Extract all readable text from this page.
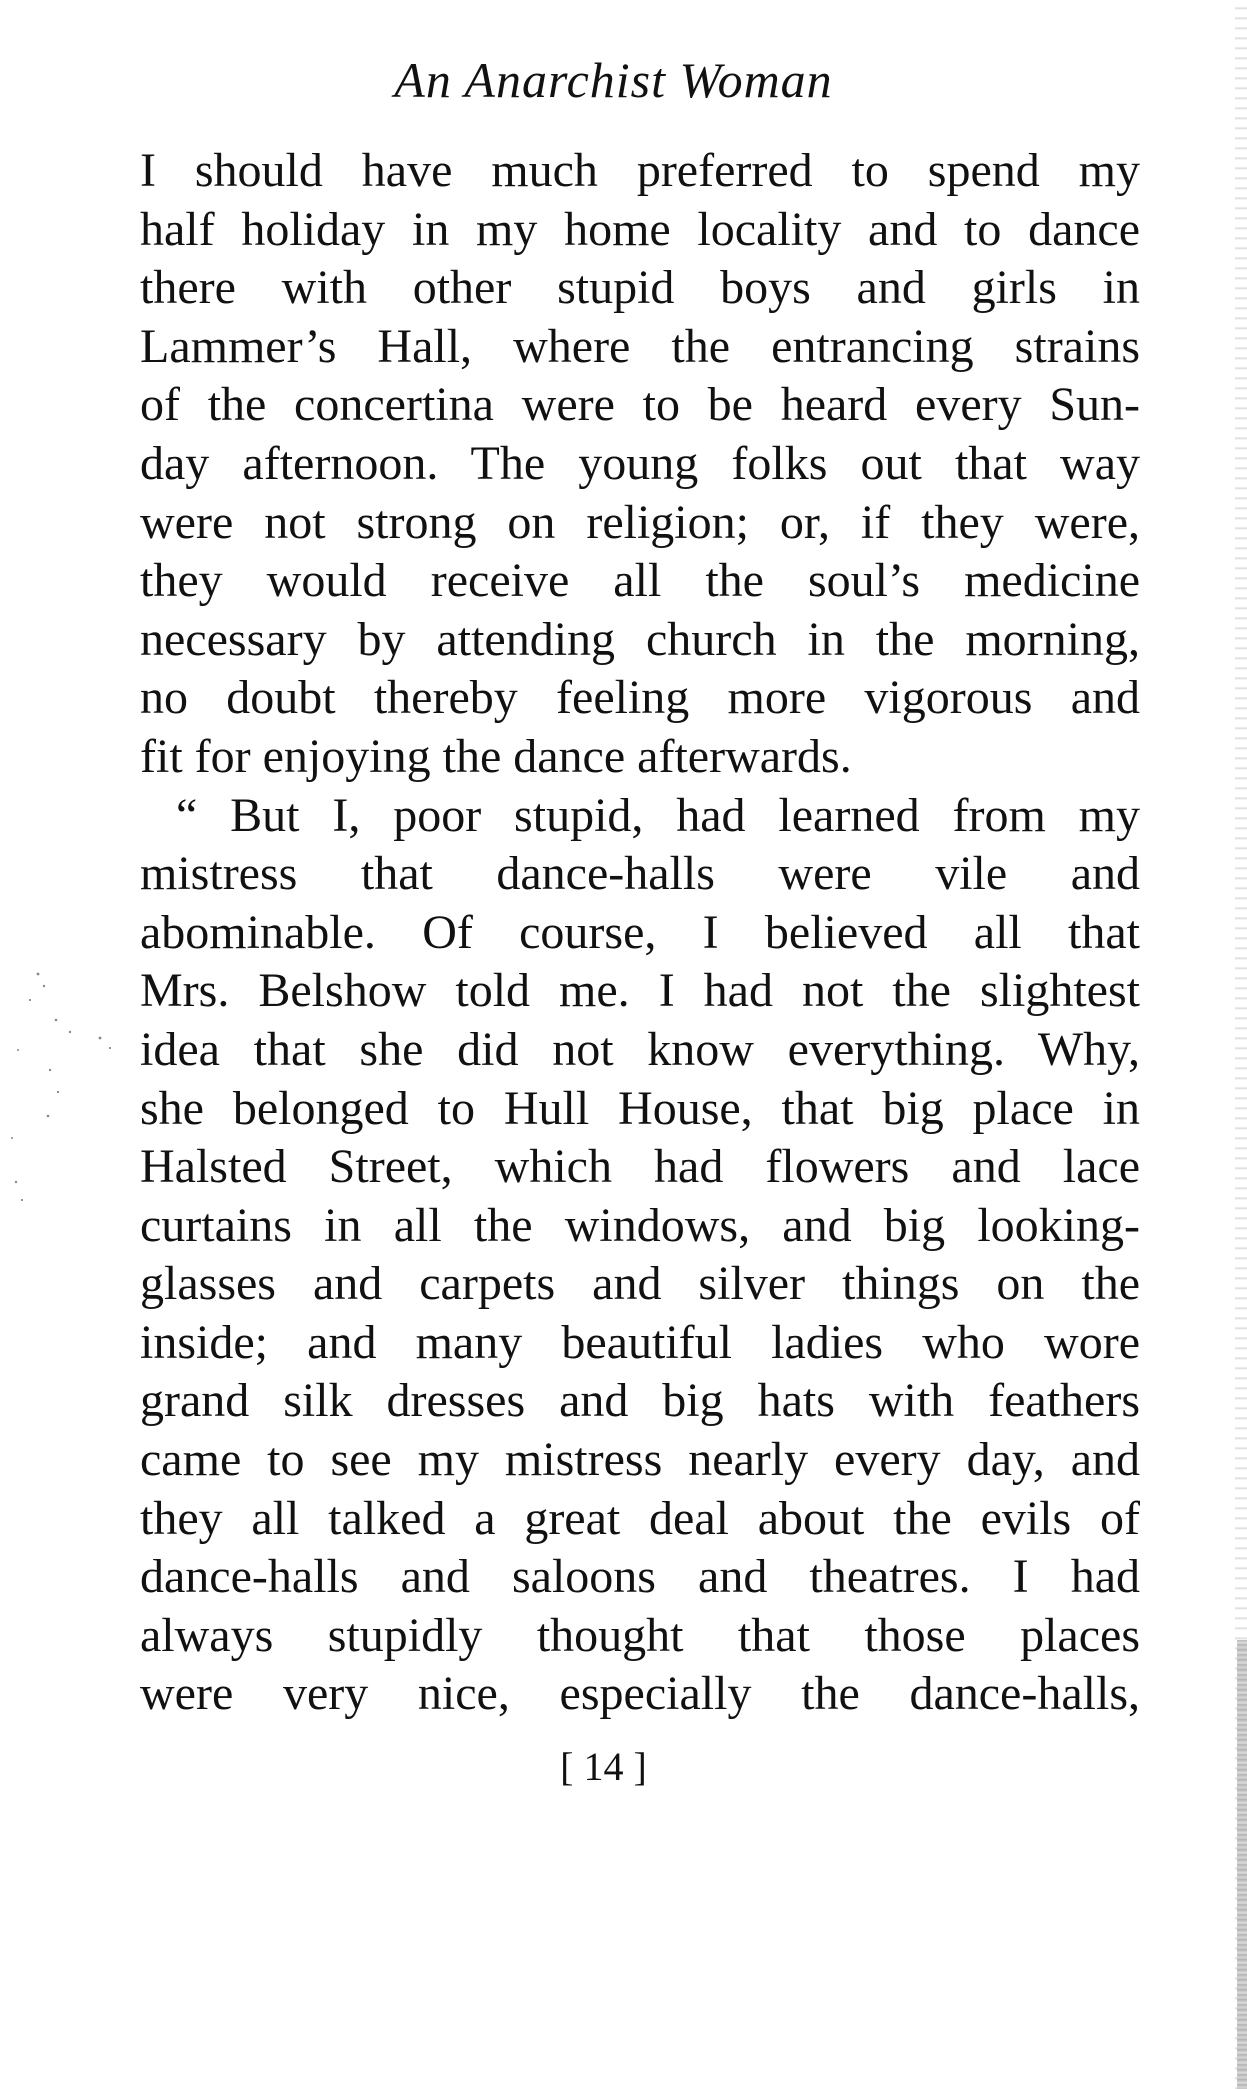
An Anarchist Woman
I should have much preferred to spend my
half holiday in my home locality and to dance
there with other stupid boys and girls in
Lammer’s Hall, where the entrancing strains
of the concertina were to be heard every Sun-
day afternoon. The young folks out that way
were not strong on religion; or, if they were,
they would receive all the soul’s medicine
necessary by attending church in the morning,
no doubt thereby feeling more vigorous and
fit for enjoying the dance afterwards.
“ But I, poor stupid, had learned from my
mistress that dance-halls were vile and
abominable. Of course, I believed all that
Mrs. Belshow told me. I had not the slightest
idea that she did not know everything. Why,
she belonged to Hull House, that big place in
Halsted Street, which had flowers and lace
curtains in all the windows, and big looking-
glasses and carpets and silver things on the
inside; and many beautiful ladies who wore
grand silk dresses and big hats with feathers
came to see my mistress nearly every day, and
they all talked a great deal about the evils of
dance-halls and saloons and theatres. I had
always stupidly thought that those places
were very nice, especially the dance-halls,
[ 14 ]
